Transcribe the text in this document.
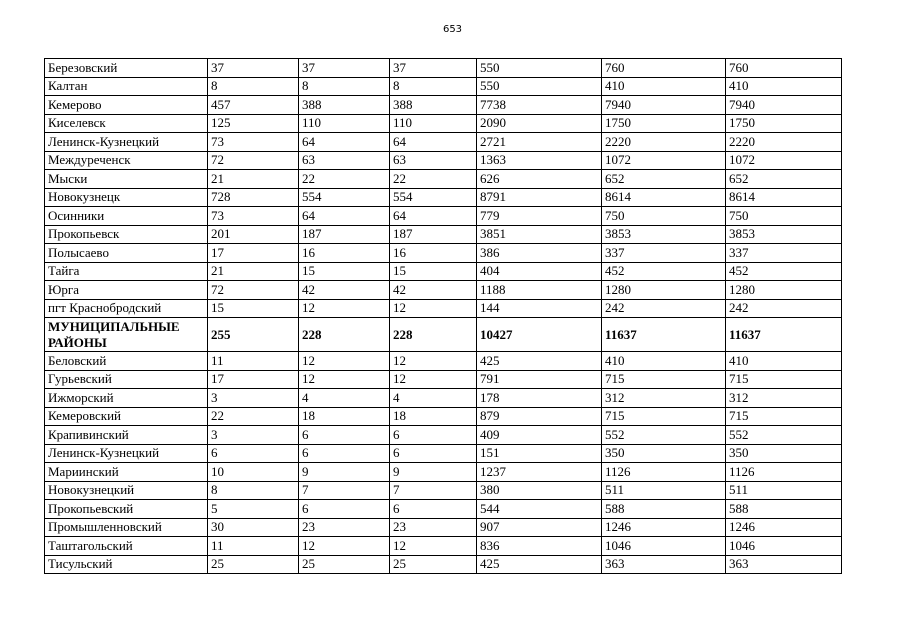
653
Березовский	37	37	37	550	760	760
Калтан	8	8	8	550	410	410
Кемерово	457	388	388	7738	7940	7940
Киселевск	125	110	110	2090	1750	1750
Ленинск-Кузнецкий	73	64	64	2721	2220	2220
Междуреченск	72	63	63	1363	1072	1072
Мыски	21	22	22	626	652	652
Новокузнецк	728	554	554	8791	8614	8614
Осинники	73	64	64	779	750	750
Прокопьевск	201	187	187	3851	3853	3853
Полысаево	17	16	16	386	337	337
Тайга	21	15	15	404	452	452
Юрга	72	42	42	1188	1280	1280
пгт Краснобродский	15	12	12	144	242	242
МУНИЦИПАЛЬНЫЕ РАЙОНЫ	255	228	228	10427	11637	11637
Беловский	11	12	12	425	410	410
Гурьевский	17	12	12	791	715	715
Ижморский	3	4	4	178	312	312
Кемеровский	22	18	18	879	715	715
Крапивинский	3	6	6	409	552	552
Ленинск-Кузнецкий	6	6	6	151	350	350
Мариинский	10	9	9	1237	1126	1126
Новокузнецкий	8	7	7	380	511	511
Прокопьевский	5	6	6	544	588	588
Промышленновский	30	23	23	907	1246	1246
Таштагольский	11	12	12	836	1046	1046
Тисульский	25	25	25	425	363	363
